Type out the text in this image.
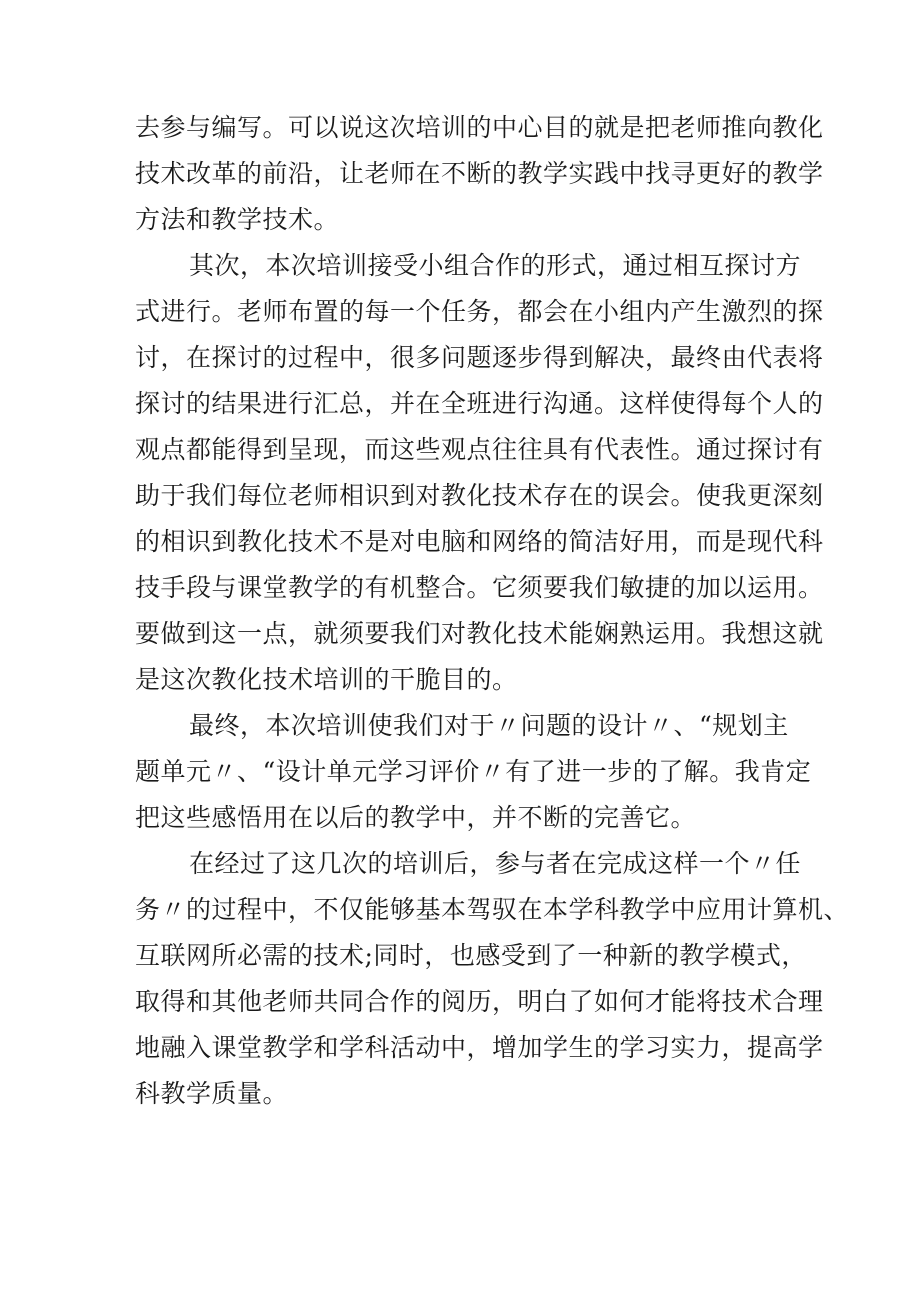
去参与编写。可以说这次培训的中心目的就是把老师推向教化
技术改革的前沿，让老师在不断的教学实践中找寻更好的教学
方法和教学技术。
其次，本次培训接受小组合作的形式，通过相互探讨方
式进行。老师布置的每一个任务，都会在小组内产生激烈的探
讨，在探讨的过程中，很多问题逐步得到解决，最终由代表将
探讨的结果进行汇总，并在全班进行沟通。这样使得每个人的
观点都能得到呈现，而这些观点往往具有代表性。通过探讨有
助于我们每位老师相识到对教化技术存在的误会。使我更深刻
的相识到教化技术不是对电脑和网络的简洁好用，而是现代科
技手段与课堂教学的有机整合。它须要我们敏捷的加以运用。
要做到这一点，就须要我们对教化技术能娴熟运用。我想这就
是这次教化技术培训的干脆目的。
最终，本次培训使我们对于〃问题的设计〃、“规划主
题单元〃、“设计单元学习评价〃有了进一步的了解。我肯定
把这些感悟用在以后的教学中，并不断的完善它。
在经过了这几次的培训后，参与者在完成这样一个〃任
务〃的过程中，不仅能够基本驾驭在本学科教学中应用计算机、
互联网所必需的技术;同时，也感受到了一种新的教学模式，
取得和其他老师共同合作的阅历，明白了如何才能将技术合理
地融入课堂教学和学科活动中，增加学生的学习实力，提高学
科教学质量。
